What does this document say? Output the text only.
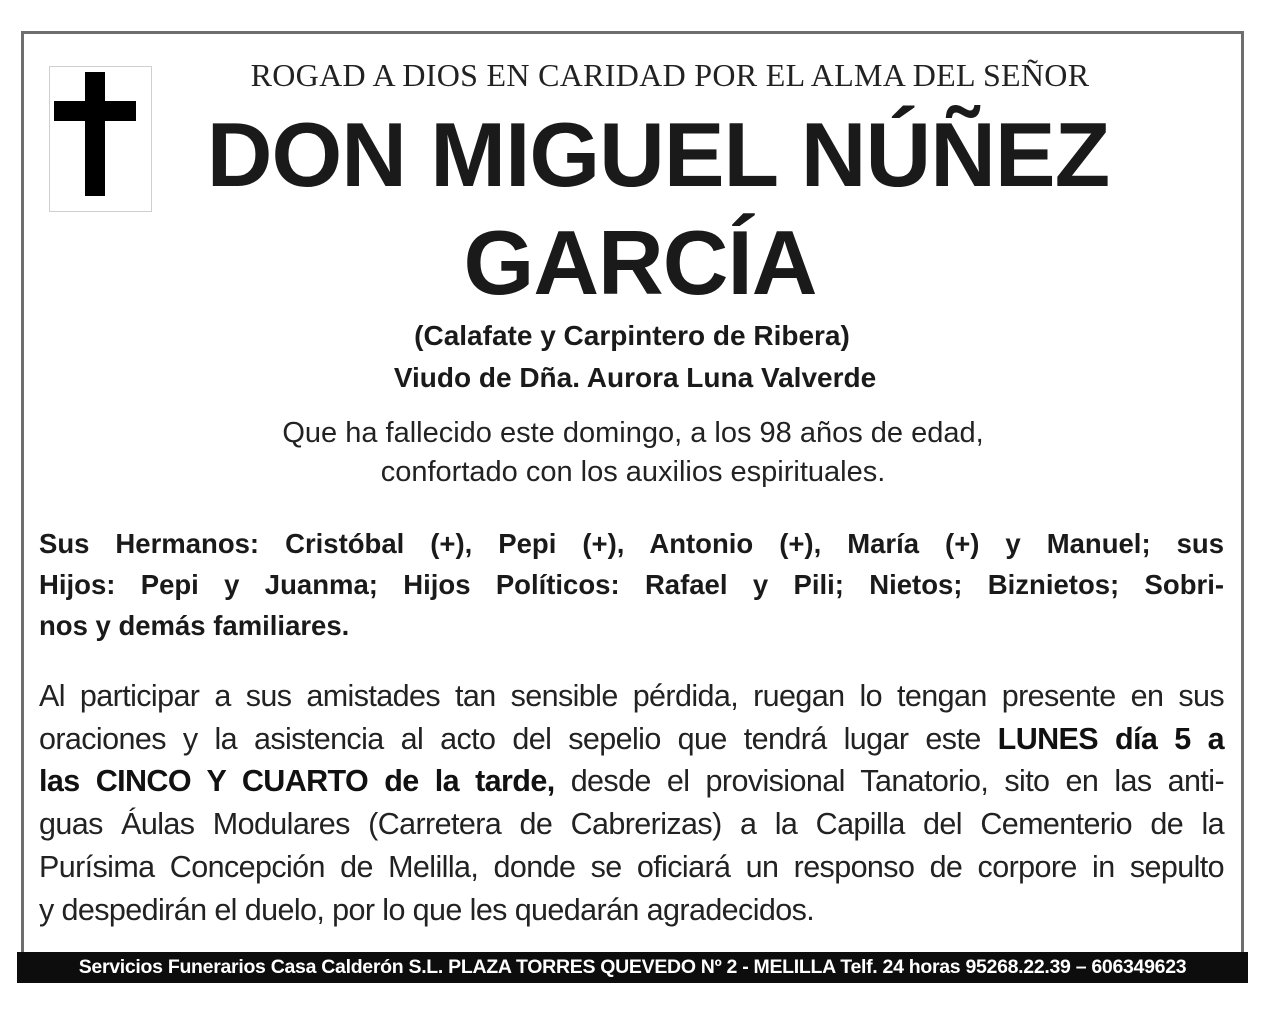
ROGAD A DIOS EN CARIDAD POR EL ALMA DEL SEÑOR
DON MIGUEL NÚÑEZ
GARCÍA
(Calafate y Carpintero de Ribera)
Viudo de Dña. Aurora Luna Valverde
Que ha fallecido este domingo, a los 98 años de edad,
confortado con los auxilios espirituales.
Sus Hermanos: Cristóbal (+), Pepi (+), Antonio (+), María (+) y Manuel; sus
Hijos: Pepi y Juanma; Hijos Políticos: Rafael y Pili; Nietos; Biznietos; Sobri-
nos y demás familiares.
Al participar a sus amistades tan sensible pérdida, ruegan lo tengan presente en sus
oraciones y la asistencia al acto del sepelio que tendrá lugar este LUNES día 5 a
las CINCO Y CUARTO de la tarde, desde el provisional Tanatorio, sito en las anti-
guas Áulas Modulares (Carretera de Cabrerizas) a la Capilla del Cementerio de la
Purísima Concepción de Melilla, donde se oficiará un responso de corpore in sepulto
y despedirán el duelo, por lo que les quedarán agradecidos.
Servicios Funerarios Casa Calderón S.L. PLAZA TORRES QUEVEDO Nº 2 - MELILLA Telf. 24 horas 95268.22.39 – 606349623
